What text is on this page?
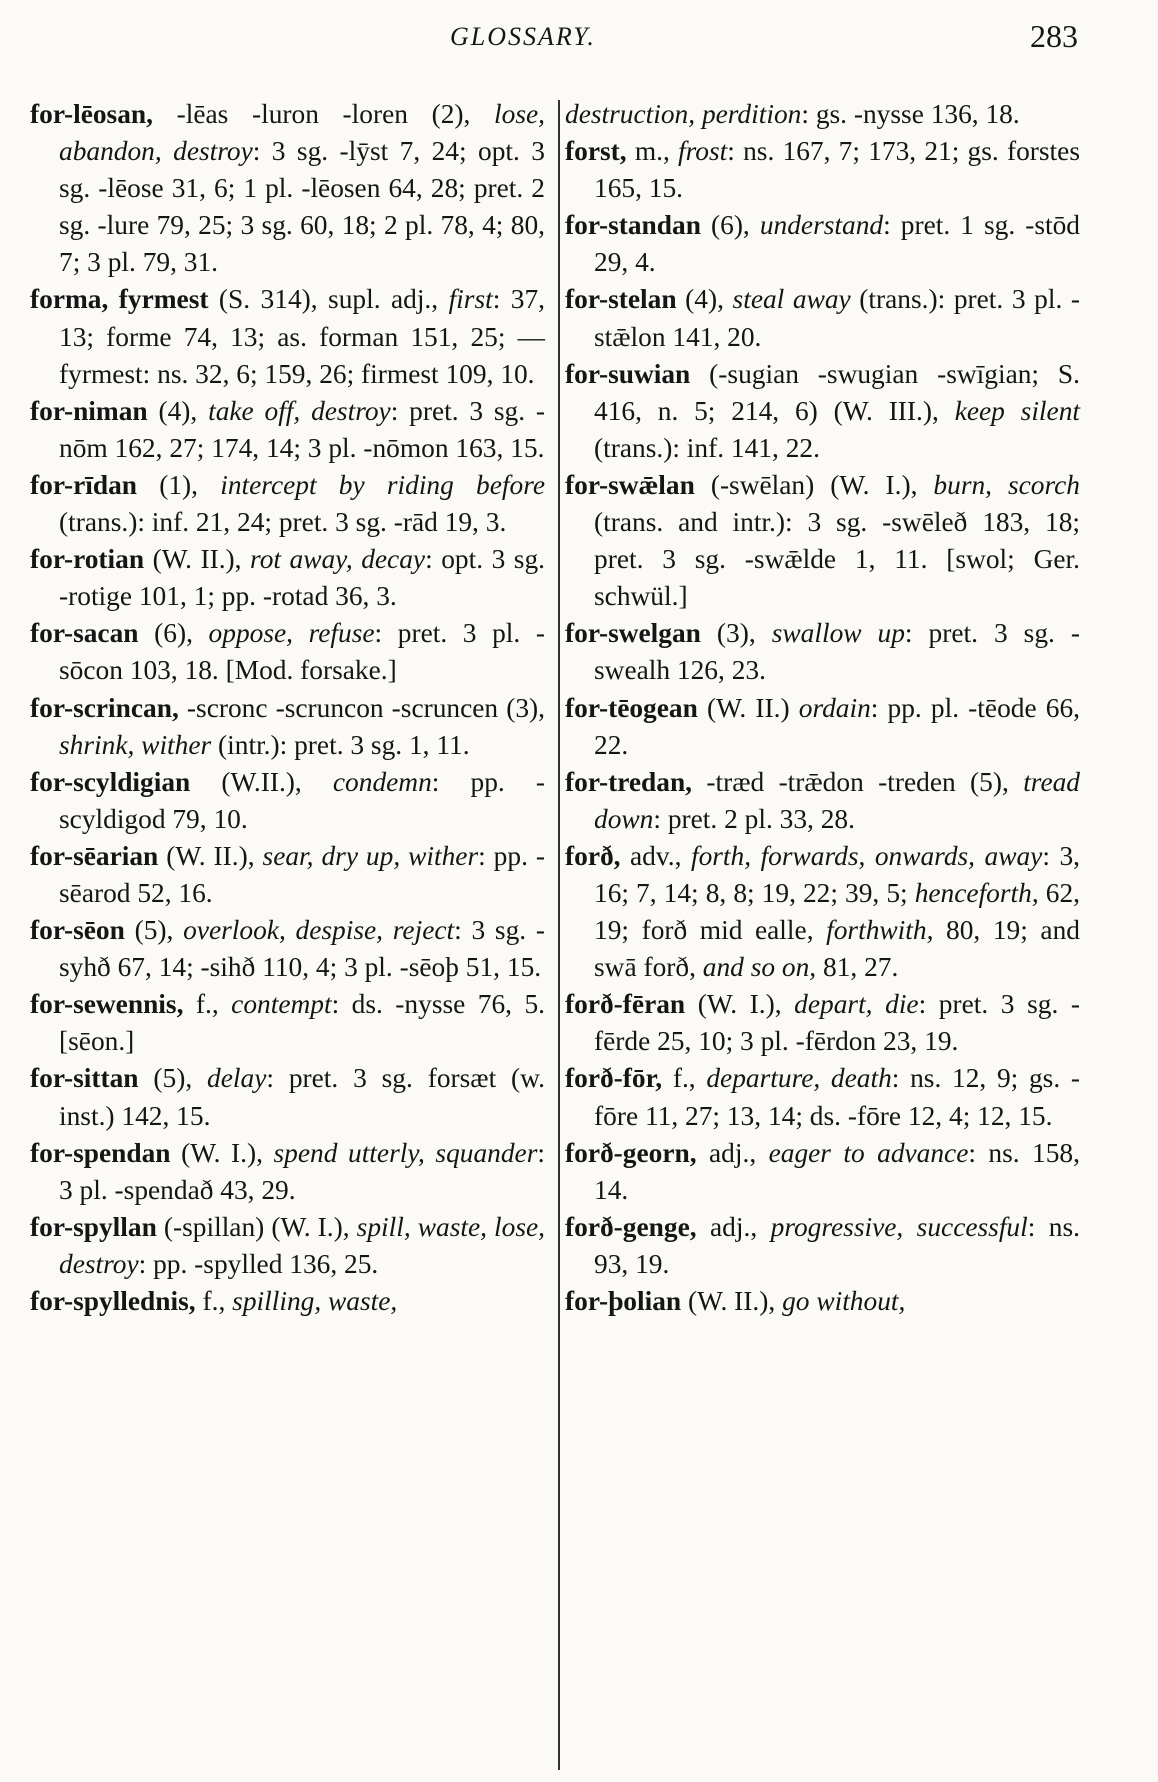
GLOSSARY.	283
for-lēosan, -lēas -luron -loren (2), lose, abandon, destroy: 3 sg. -lȳst 7, 24; opt. 3 sg. -lēose 31, 6; 1 pl. -lēosen 64, 28; pret. 2 sg. -lure 79, 25; 3 sg. 60, 18; 2 pl. 78, 4; 80, 7; 3 pl. 79, 31.
forma, fyrmest (S. 314), supl. adj., first: 37, 13; forme 74, 13; as. forman 151, 25; — fyrmest: ns. 32, 6; 159, 26; firmest 109, 10.
for-niman (4), take off, destroy: pret. 3 sg. -nōm 162, 27; 174, 14; 3 pl. -nōmon 163, 15.
for-rīdan (1), intercept by riding before (trans.): inf. 21, 24; pret. 3 sg. -rād 19, 3.
for-rotian (W. II.), rot away, decay: opt. 3 sg. -rotige 101, 1; pp. -rotad 36, 3.
for-sacan (6), oppose, refuse: pret. 3 pl. -sōcon 103, 18. [Mod. forsake.]
for-scrincan, -scronc -scruncon -scruncen (3), shrink, wither (intr.): pret. 3 sg. 1, 11.
for-scyldigian (W.II.), condemn: pp. -scyldigod 79, 10.
for-sēarian (W. II.), sear, dry up, wither: pp. -sēarod 52, 16.
for-sēon (5), overlook, despise, reject: 3 sg. -syhð 67, 14; -sihð 110, 4; 3 pl. -sēoþ 51, 15.
for-sewennis, f., contempt: ds. -nysse 76, 5. [sēon.]
for-sittan (5), delay: pret. 3 sg. forsæt (w. inst.) 142, 15.
for-spendan (W. I.), spend utterly, squander: 3 pl. -spendað 43, 29.
for-spyllan (-spillan) (W. I.), spill, waste, lose, destroy: pp. -spylled 136, 25.
for-spyllednis, f., spilling, waste,
destruction, perdition: gs. -nysse 136, 18.
forst, m., frost: ns. 167, 7; 173, 21; gs. forstes 165, 15.
for-standan (6), understand: pret. 1 sg. -stōd 29, 4.
for-stelan (4), steal away (trans.): pret. 3 pl. -stǣlon 141, 20.
for-suwian (-sugian -swugian -swīgian; S. 416, n. 5; 214, 6) (W. III.), keep silent (trans.): inf. 141, 22.
for-swǣlan (-swēlan) (W. I.), burn, scorch (trans. and intr.): 3 sg. -swēleð 183, 18; pret. 3 sg. -swǣlde 1, 11. [swol; Ger. schwül.]
for-swelgan (3), swallow up: pret. 3 sg. -swealh 126, 23.
for-tēogean (W. II.) ordain: pp. pl. -tēode 66, 22.
for-tredan, -træd -trǣdon -treden (5), tread down: pret. 2 pl. 33, 28.
forð, adv., forth, forwards, onwards, away: 3, 16; 7, 14; 8, 8; 19, 22; 39, 5; henceforth, 62, 19; forð mid ealle, forthwith, 80, 19; and swā forð, and so on, 81, 27.
forð-fēran (W. I.), depart, die: pret. 3 sg. -fērde 25, 10; 3 pl. -fērdon 23, 19.
forð-fōr, f., departure, death: ns. 12, 9; gs. -fōre 11, 27; 13, 14; ds. -fōre 12, 4; 12, 15.
forð-georn, adj., eager to advance: ns. 158, 14.
forð-genge, adj., progressive, successful: ns. 93, 19.
for-þolian (W. II.), go without,
